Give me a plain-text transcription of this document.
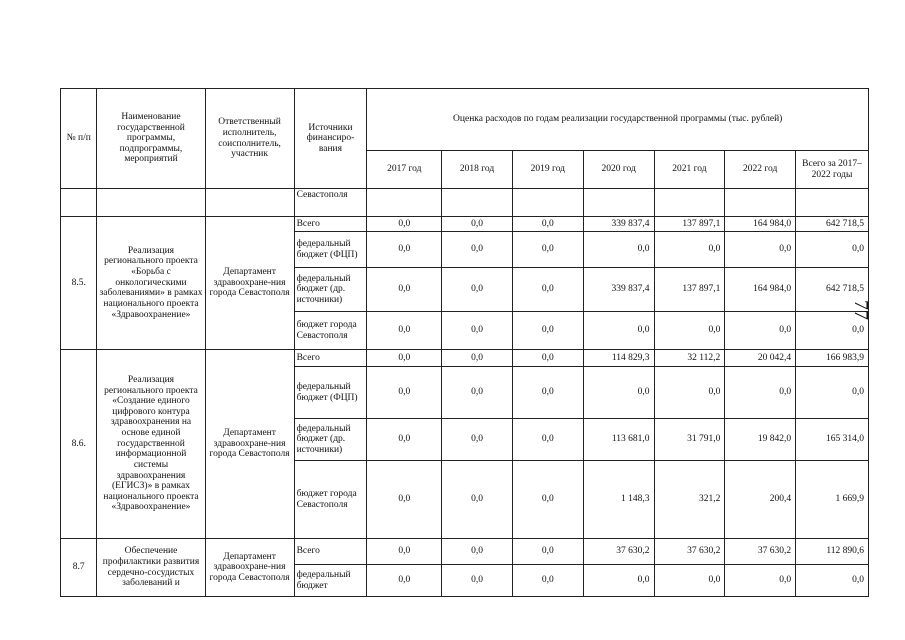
№ п/п	Наименование государственной программы, подпрограммы, мероприятий	Ответственный исполнитель, соисполнитель, участник	Источники финансиро-вания	Оценка расходов по годам реализации государственной программы (тыс. рублей)						
				2017 год	2018 год	2019 год	2020 год	2021 год	2022 год	Всего за 2017–2022 годы
			Севастополя							
8.5.	Реализация регионального проекта «Борьба с онкологическими заболеваниями» в рамках национального проекта «Здравоохранение»	Департамент здравоохране-ния города Севастополя	Всего	0,0	0,0	0,0	339 837,4	137 897,1	164 984,0	642 718,5
			федеральный бюджет (ФЦП)	0,0	0,0	0,0	0,0	0,0	0,0	0,0
			федеральный бюджет (др. источники)	0,0	0,0	0,0	339 837,4	137 897,1	164 984,0	642 718,5
			бюджет города Севастополя	0,0	0,0	0,0	0,0	0,0	0,0	0,0
8.6.	Реализация регионального проекта «Создание единого цифрового контура здравоохранения на основе единой государственной информационной системы здравоохранения (ЕГИСЗ)» в рамках национального проекта «Здравоохранение»	Департамент здравоохране-ния города Севастополя	Всего	0,0	0,0	0,0	114 829,3	32 112,2	20 042,4	166 983,9
			федеральный бюджет (ФЦП)	0,0	0,0	0,0	0,0	0,0	0,0	0,0
			федеральный бюджет (др. источники)	0,0	0,0	0,0	113 681,0	31 791,0	19 842,0	165 314,0
			бюджет города Севастополя	0,0	0,0	0,0	1 148,3	321,2	200,4	1 669,9
8.7	Обеспечение профилактики развития сердечно-сосудистых заболеваний и	Департамент здравоохране-ния города Севастополя	Всего	0,0	0,0	0,0	37 630,2	37 630,2	37 630,2	112 890,6
			федеральный бюджет	0,0	0,0	0,0	0,0	0,0	0,0	0,0
77
